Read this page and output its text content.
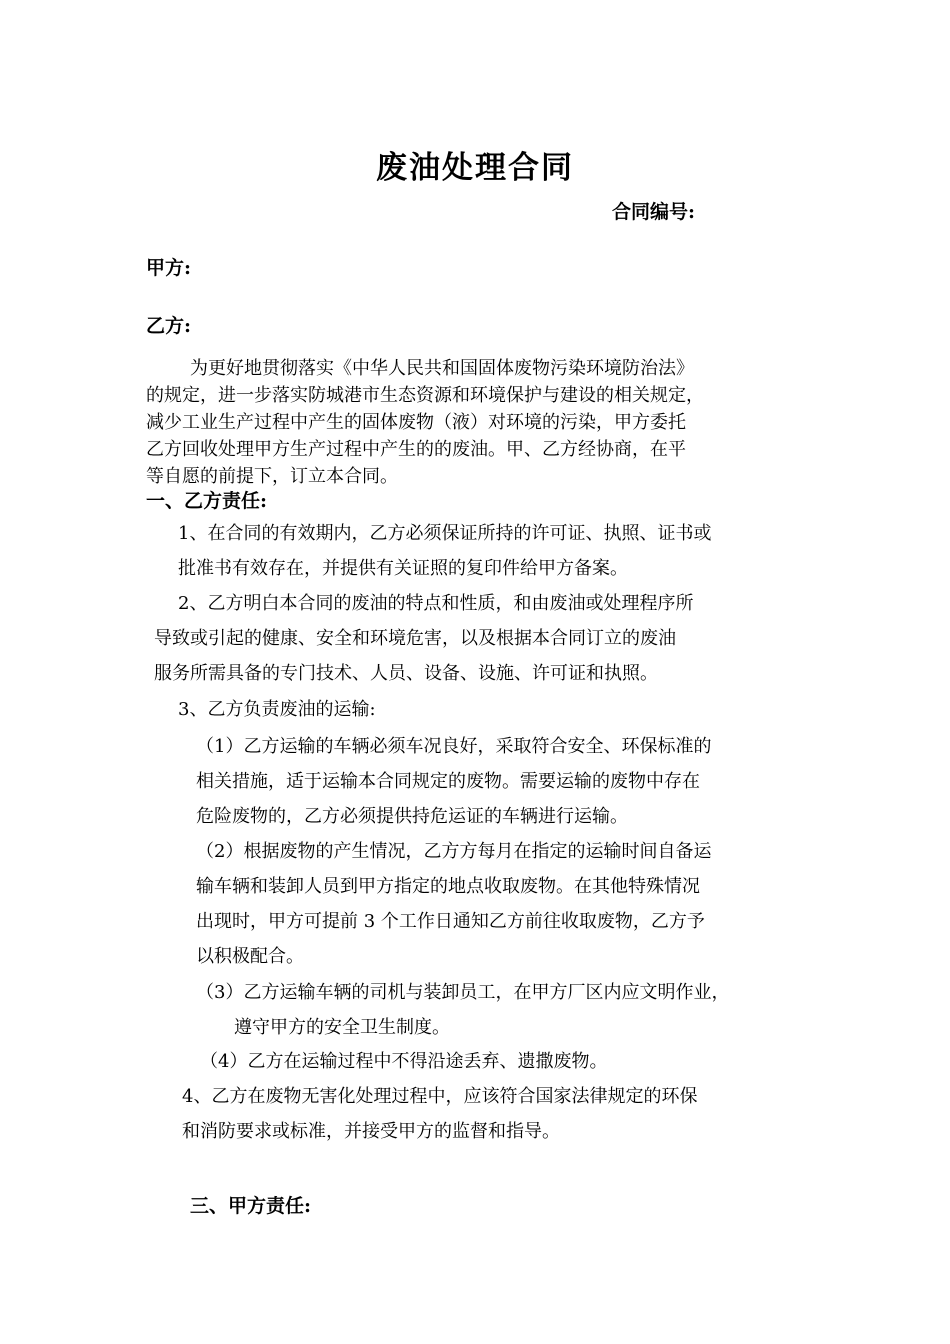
废油处理合同
合同编号:
甲方:
乙方:
为更好地贯彻落实《中华人民共和国固体废物污染环境防治法》
的规定，进一步落实防城港市生态资源和环境保护与建设的相关规定，
减少工业生产过程中产生的固体废物（液）对环境的污染，甲方委托
乙方回收处理甲方生产过程中产生的的废油。甲、乙方经协商，在平
等自愿的前提下，订立本合同。
一、乙方责任:
1、在合同的有效期内，乙方必须保证所持的许可证、执照、证书或
批准书有效存在，并提供有关证照的复印件给甲方备案。
2、乙方明白本合同的废油的特点和性质，和由废油或处理程序所
导致或引起的健康、安全和环境危害，以及根据本合同订立的废油
服务所需具备的专门技术、人员、设备、设施、许可证和执照。
3、乙方负责废油的运输:
（1）乙方运输的车辆必须车况良好，采取符合安全、环保标准的
相关措施，适于运输本合同规定的废物。需要运输的废物中存在
危险废物的，乙方必须提供持危运证的车辆进行运输。
（2）根据废物的产生情况，乙方方每月在指定的运输时间自备运
输车辆和装卸人员到甲方指定的地点收取废物。在其他特殊情况
出现时，甲方可提前 3 个工作日通知乙方前往收取废物，乙方予
以积极配合。
（3）乙方运输车辆的司机与装卸员工，在甲方厂区内应文明作业，
遵守甲方的安全卫生制度。
（4）乙方在运输过程中不得沿途丢弃、遗撒废物。
4、乙方在废物无害化处理过程中，应该符合国家法律规定的环保
和消防要求或标准，并接受甲方的监督和指导。
三、甲方责任:
